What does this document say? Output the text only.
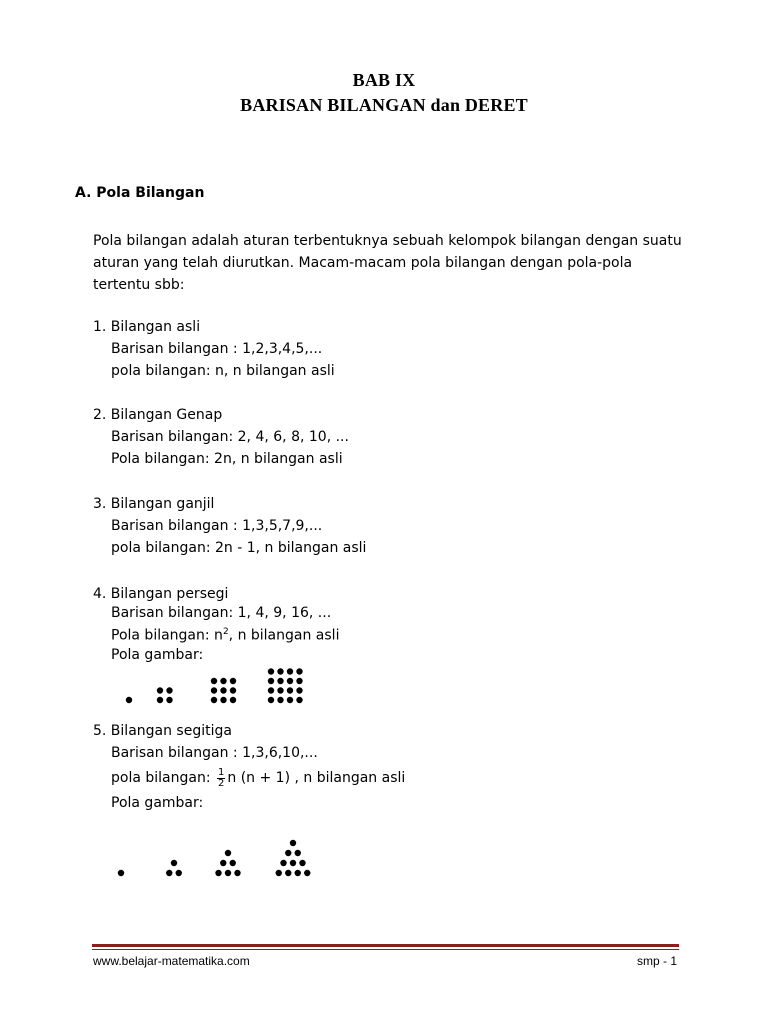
BAB IX
BARISAN BILANGAN dan DERET
A. Pola Bilangan
Pola bilangan adalah aturan terbentuknya sebuah kelompok bilangan dengan suatu
aturan yang telah diurutkan. Macam-macam pola bilangan dengan pola-pola
tertentu sbb:
1. Bilangan asli
Barisan bilangan : 1,2,3,4,5,...
pola bilangan: n, n bilangan asli
2. Bilangan Genap
Barisan bilangan: 2, 4, 6, 8, 10, ...
Pola bilangan: 2n, n bilangan asli
3. Bilangan ganjil
Barisan bilangan : 1,3,5,7,9,...
pola bilangan: 2n - 1, n bilangan asli
4. Bilangan persegi
Barisan bilangan: 1, 4, 9, 16, ...
Pola bilangan: $n^2$, n bilangan asli
Pola gambar:
5. Bilangan segitiga
Barisan bilangan : 1,3,6,10,...
pola bilangan: $\frac{1}{2}$ n (n + 1) , n bilangan asli
Pola gambar:
www.belajar-matematika.com	smp - 1
